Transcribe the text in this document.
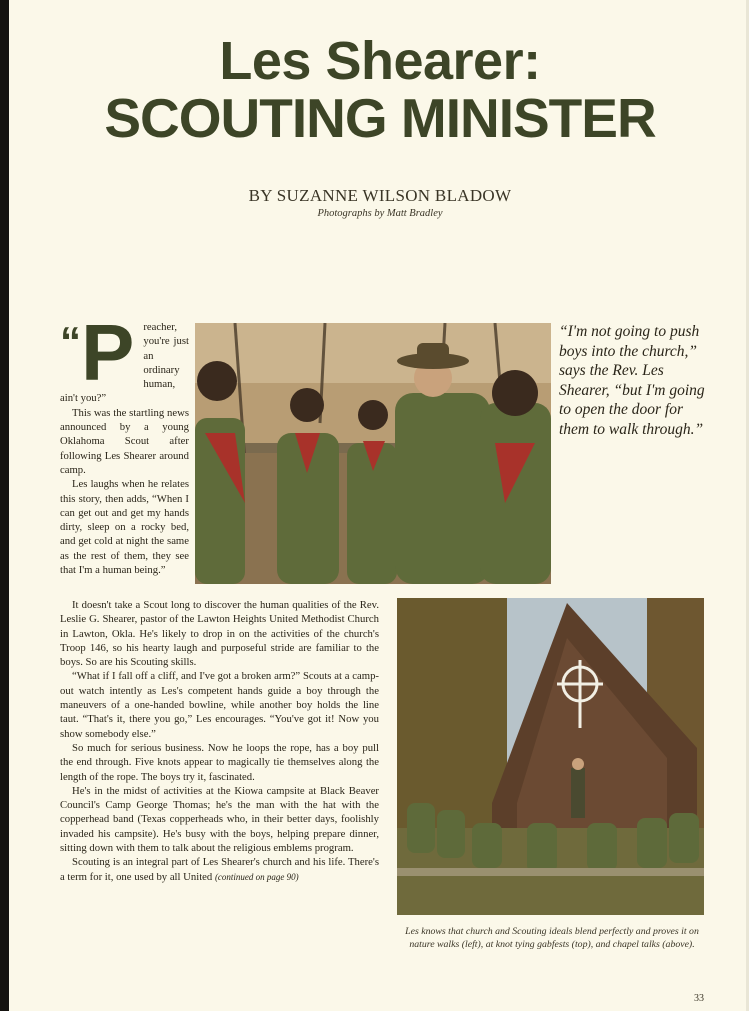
Les Shearer:
SCOUTING MINISTER
BY SUZANNE WILSON BLADOW
Photographs by Matt Bradley
“ P reacher, you're just an ordinary human, ain't you?”

This was the startling news announced by a young Oklahoma Scout after following Les Shearer around camp.

Les laughs when he relates this story, then adds, “When I can get out and get my hands dirty, sleep on a rocky bed, and get cold at night the same as the rest of them, they see that I'm a human being.”

It doesn't take a Scout long to discover the human qualities of the Rev. Leslie G. Shearer, pastor of the Lawton Heights United Methodist Church in Lawton, Okla. He's likely to drop in on the activities of the church's Troop 146, so his hearty laugh and purposeful stride are familiar to the boys. So are his Scouting skills.

“What if I fall off a cliff, and I've got a broken arm?” Scouts at a camp-out watch intently as Les's competent hands guide a boy through the maneuvers of a one-handed bowline, while another boy holds the line taut. “That's it, there you go,” Les encourages. “You've got it! Now you show somebody else.”

So much for serious business. Now he loops the rope, has a boy pull the end through. Five knots appear to magically tie themselves along the length of the rope. The boys try it, fascinated.

He's in the midst of activities at the Kiowa campsite at Black Beaver Council's Camp George Thomas; he's the man with the hat with the copperhead band (Texas copperheads who, in their better days, foolishly invaded his campsite). He's busy with the boys, helping prepare dinner, sitting down with them to talk about the religious emblems program.

Scouting is an integral part of Les Shearer's church and his life. There's a term for it, one used by all United (continued on page 90)

“I'm not going to push boys into the church,” says the Rev. Les Shearer, “but I'm going to open the door for them to walk through.”
Les knows that church and Scouting ideals blend perfectly and proves it on nature walks (left), at knot tying gabfests (top), and chapel talks (above).
33
